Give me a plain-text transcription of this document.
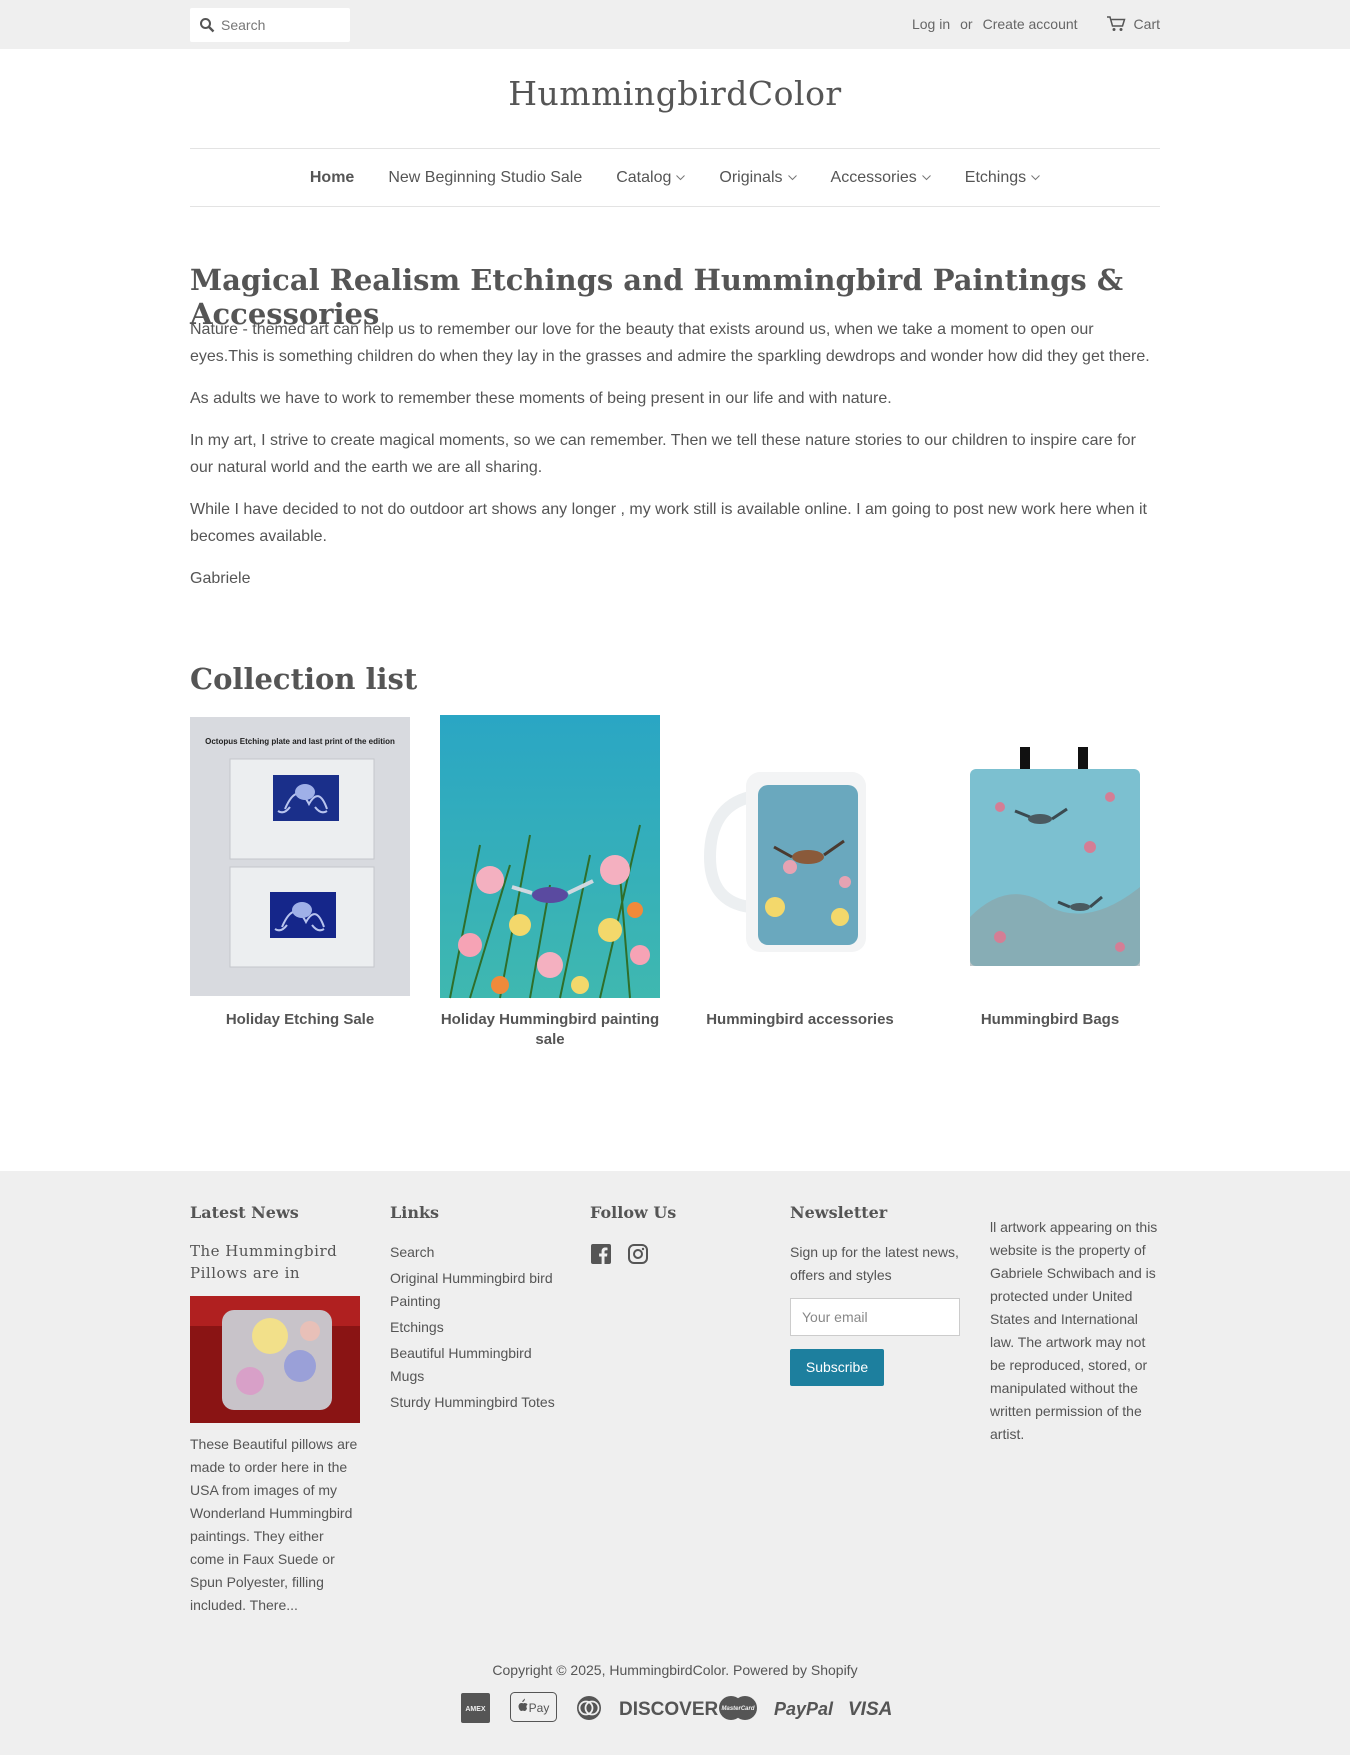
Search	Log in or Create account	Cart
HummingbirdColor
Home New Beginning Studio Sale Catalog	Originals	Accessories	Etchings
Magical Realism Etchings and Hummingbird Paintings & Accessories

Nature - themed art can help us to remember our love for the beauty that exists around us, when we take a moment to open our eyes.This is something children do when they lay in the grasses and admire the sparkling dewdrops and wonder how did they get there.

As adults we have to work to remember these moments of being present in our life and with nature.

In my art, I strive to create magical moments, so we can remember. Then we tell these nature stories to our children to inspire care for our natural world and the earth we are all sharing.

While I have decided to not do outdoor art shows any longer , my work still is available online. I am going to post new work here when it becomes available.

Gabriele

Collection list
Octopus Etching plate and last print of the edition
Holiday Etching Sale	Holiday Hummingbird painting sale
Hummingbird accessories	Hummingbird Bags
Latest News
The Hummingbird Pillows are in
These Beautiful pillows are made to order here in the USA from images of my Wonderland Hummingbird paintings. They either come in Faux Suede or Spun Polyester, filling included. There...
Links
Search
Original Hummingbird bird Painting
Etchings
Beautiful Hummingbird Mugs
Sturdy Hummingbird Totes
Follow Us	Newsletter
Sign up for the latest news, offers and styles
Your email
Subscribe
ll artwork appearing on this website is the property of Gabriele Schwibach and is protected under United States and International law. The artwork may not be reproduced, stored, or manipulated without the written permission of the artist.
Copyright © 2025, HummingbirdColor. Powered by Shopify
AMEX	Pay	DISCOVER MasterCard PayPal VISA
